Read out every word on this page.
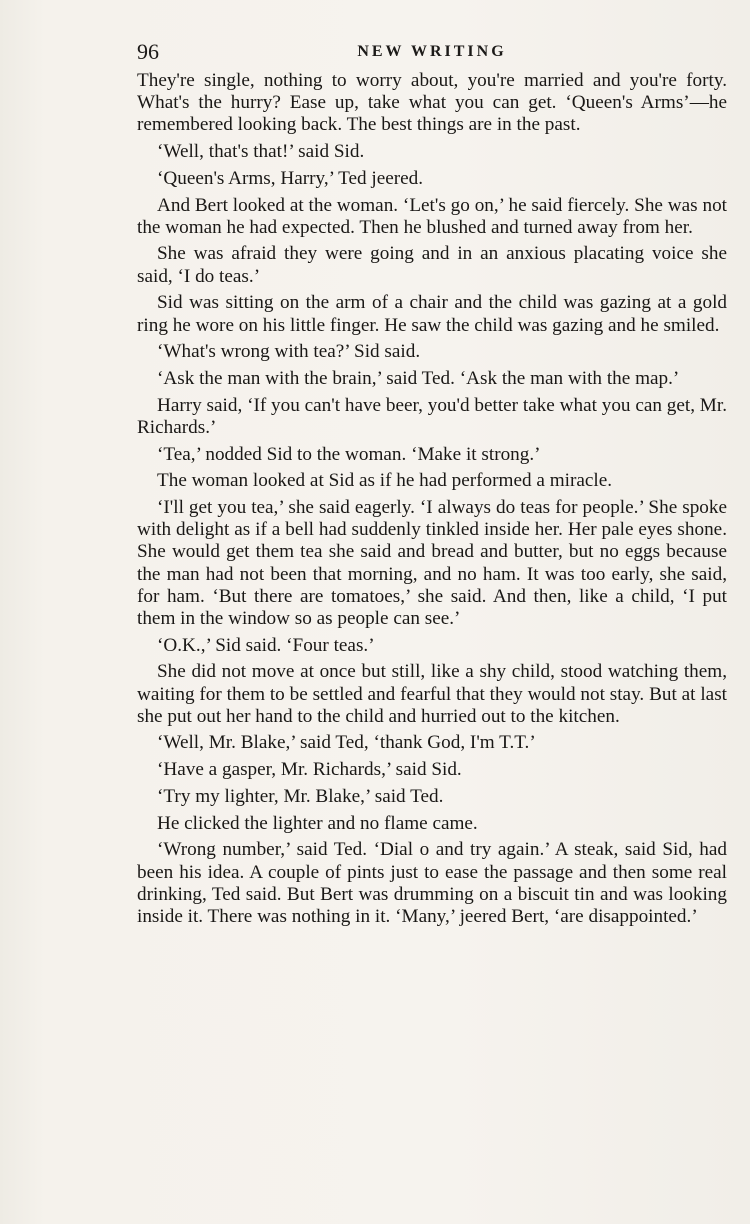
96	NEW WRITING

They're single, nothing to worry about, you're married and you're forty. What's the hurry? Ease up, take what you can get. ‘Queen's Arms’—he remembered looking back. The best things are in the past.

‘Well, that's that!’ said Sid.

‘Queen's Arms, Harry,’ Ted jeered.

And Bert looked at the woman. ‘Let's go on,’ he said fiercely. She was not the woman he had expected. Then he blushed and turned away from her.

She was afraid they were going and in an anxious placating voice she said, ‘I do teas.’

Sid was sitting on the arm of a chair and the child was gazing at a gold ring he wore on his little finger. He saw the child was gazing and he smiled.

‘What's wrong with tea?’ Sid said.

‘Ask the man with the brain,’ said Ted. ‘Ask the man with the map.’

Harry said, ‘If you can't have beer, you'd better take what you can get, Mr. Richards.’

‘Tea,’ nodded Sid to the woman. ‘Make it strong.’

The woman looked at Sid as if he had performed a miracle.

‘I'll get you tea,’ she said eagerly. ‘I always do teas for people.’ She spoke with delight as if a bell had suddenly tinkled inside her. Her pale eyes shone. She would get them tea she said and bread and butter, but no eggs because the man had not been that morning, and no ham. It was too early, she said, for ham. ‘But there are tomatoes,’ she said. And then, like a child, ‘I put them in the window so as people can see.’

‘O.K.,’ Sid said. ‘Four teas.’

She did not move at once but still, like a shy child, stood watching them, waiting for them to be settled and fearful that they would not stay. But at last she put out her hand to the child and hurried out to the kitchen.

‘Well, Mr. Blake,’ said Ted, ‘thank God, I'm T.T.’

‘Have a gasper, Mr. Richards,’ said Sid.

‘Try my lighter, Mr. Blake,’ said Ted.

He clicked the lighter and no flame came.

‘Wrong number,’ said Ted. ‘Dial o and try again.’ A steak, said Sid, had been his idea. A couple of pints just to ease the passage and then some real drinking, Ted said. But Bert was drumming on a biscuit tin and was looking inside it. There was nothing in it. ‘Many,’ jeered Bert, ‘are disappointed.’
